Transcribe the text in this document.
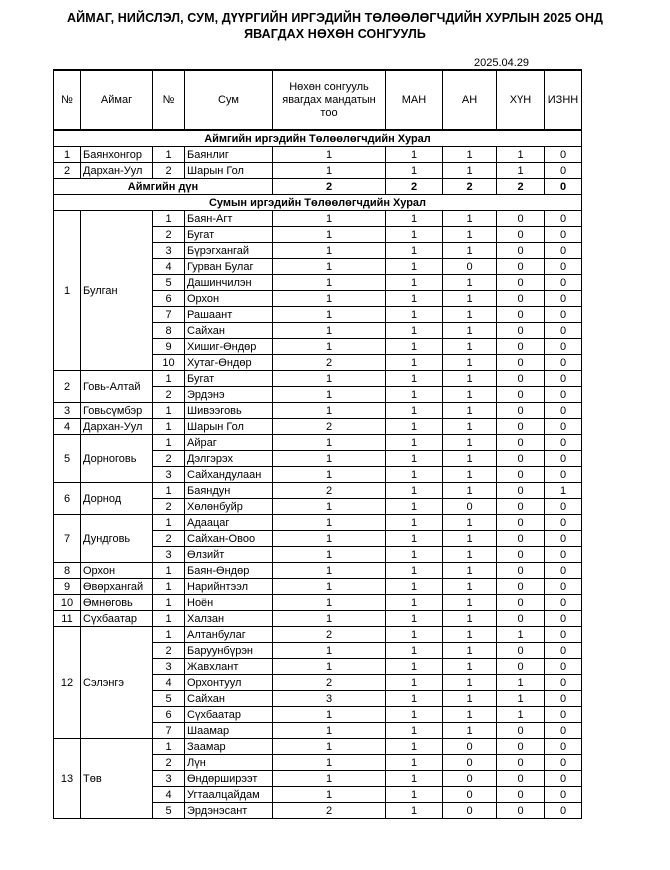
АЙМАГ, НИЙСЛЭЛ, СУМ, ДҮҮРГИЙН ИРГЭДИЙН ТӨЛӨӨЛӨГЧДИЙН ХУРЛЫН 2025 ОНД
ЯВАГДАХ НӨХӨН СОНГУУЛЬ
2025.04.29
№	Аймаг	№	Сум	Нөхөн сонгууль явагдах мандатын тоо	МАН	АН	ХҮН	ИЗНН
Аймгийн иргэдийн Төлөөлөгчдийн Хурал								
1	Баянхонгор	1	Баянлиг	1	1	1	1	0
2	Дархан-Уул	2	Шарын Гол	1	1	1	1	0
Аймгийн дүн				2	2	2	2	0
Сумын иргэдийн Төлөөлөгчдийн Хурал								
1	Булган	1	Баян-Агт	1	1	1	0	0
		2	Бугат	1	1	1	0	0
		3	Бүрэгхангай	1	1	1	0	0
		4	Гурван Булаг	1	1	0	0	0
		5	Дашинчилэн	1	1	1	0	0
		6	Орхон	1	1	1	0	0
		7	Рашаант	1	1	1	0	0
		8	Сайхан	1	1	1	0	0
		9	Хишиг-Өндөр	1	1	1	0	0
		10	Хутаг-Өндөр	2	1	1	0	0
2	Говь-Алтай	1	Бугат	1	1	1	0	0
		2	Эрдэнэ	1	1	1	0	0
3	Говьсүмбэр	1	Шивээговь	1	1	1	0	0
4	Дархан-Уул	1	Шарын Гол	2	1	1	0	0
5	Дорноговь	1	Айраг	1	1	1	0	0
		2	Дэлгэрэх	1	1	1	0	0
		3	Сайхандулаан	1	1	1	0	0
6	Дорнод	1	Баяндун	2	1	1	0	1
		2	Хөлөнбуйр	1	1	0	0	0
7	Дундговь	1	Адаацаг	1	1	1	0	0
		2	Сайхан-Овоо	1	1	1	0	0
		3	Өлзийт	1	1	1	0	0
8	Орхон	1	Баян-Өндөр	1	1	1	0	0
9	Өвөрхангай	1	Нарийнтээл	1	1	1	0	0
10	Өмнөговь	1	Ноён	1	1	1	0	0
11	Сүхбаатар	1	Халзан	1	1	1	0	0
12	Сэлэнгэ	1	Алтанбулаг	2	1	1	1	0
		2	Баруунбүрэн	1	1	1	0	0
		3	Жавхлант	1	1	1	0	0
		4	Орхонтуул	2	1	1	1	0
		5	Сайхан	3	1	1	1	0
		6	Сүхбаатар	1	1	1	1	0
		7	Шаамар	1	1	1	0	0
13	Төв	1	Заамар	1	1	0	0	0
		2	Лүн	1	1	0	0	0
		3	Өндөрширээт	1	1	0	0	0
		4	Угтаалцайдам	1	1	0	0	0
		5	Эрдэнэсант	2	1	0	0	0
